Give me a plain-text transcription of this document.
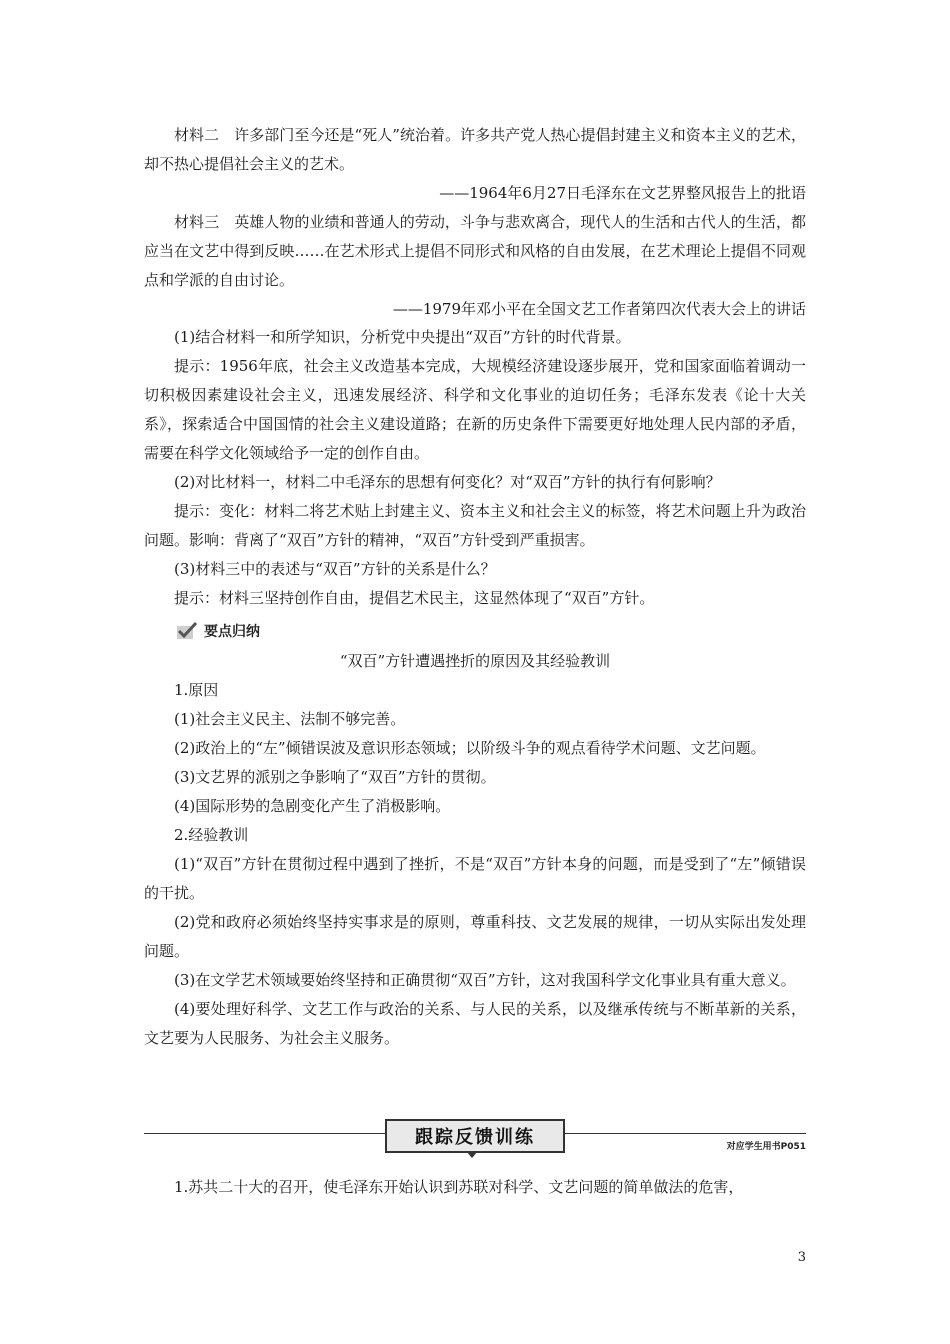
材料二　许多部门至今还是“死人”统治着。许多共产党人热心提倡封建主义和资本主义的艺术，却不热心提倡社会主义的艺术。

——1964年6月27日毛泽东在文艺界整风报告上的批语

材料三　英雄人物的业绩和普通人的劳动，斗争与悲欢离合，现代人的生活和古代人的生活，都应当在文艺中得到反映……在艺术形式上提倡不同形式和风格的自由发展，在艺术理论上提倡不同观点和学派的自由讨论。

——1979年邓小平在全国文艺工作者第四次代表大会上的讲话

(1)结合材料一和所学知识，分析党中央提出“双百”方针的时代背景。

提示：1956年底，社会主义改造基本完成，大规模经济建设逐步展开，党和国家面临着调动一切积极因素建设社会主义，迅速发展经济、科学和文化事业的迫切任务；毛泽东发表《论十大关系》，探索适合中国国情的社会主义建设道路；在新的历史条件下需要更好地处理人民内部的矛盾，需要在科学文化领域给予一定的创作自由。

(2)对比材料一，材料二中毛泽东的思想有何变化？对“双百”方针的执行有何影响？

提示：变化：材料二将艺术贴上封建主义、资本主义和社会主义的标签，将艺术问题上升为政治问题。影响：背离了“双百”方针的精神，“双百”方针受到严重损害。

(3)材料三中的表述与“双百”方针的关系是什么？

提示：材料三坚持创作自由，提倡艺术民主，这显然体现了“双百”方针。

要点归纳

“双百”方针遭遇挫折的原因及其经验教训

1.原因

(1)社会主义民主、法制不够完善。

(2)政治上的“左”倾错误波及意识形态领域；以阶级斗争的观点看待学术问题、文艺问题。

(3)文艺界的派别之争影响了“双百”方针的贯彻。

(4)国际形势的急剧变化产生了消极影响。

2.经验教训

(1)“双百”方针在贯彻过程中遇到了挫折，不是“双百”方针本身的问题，而是受到了“左”倾错误的干扰。

(2)党和政府必须始终坚持实事求是的原则，尊重科技、文艺发展的规律，一切从实际出发处理问题。

(3)在文学艺术领域要始终坚持和正确贯彻“双百”方针，这对我国科学文化事业具有重大意义。

(4)要处理好科学、文艺工作与政治的关系、与人民的关系，以及继承传统与不断革新的关系，文艺要为人民服务、为社会主义服务。

跟踪反馈训练	对应学生用书P051

1.苏共二十大的召开，使毛泽东开始认识到苏联对科学、文艺问题的简单做法的危害，

3
